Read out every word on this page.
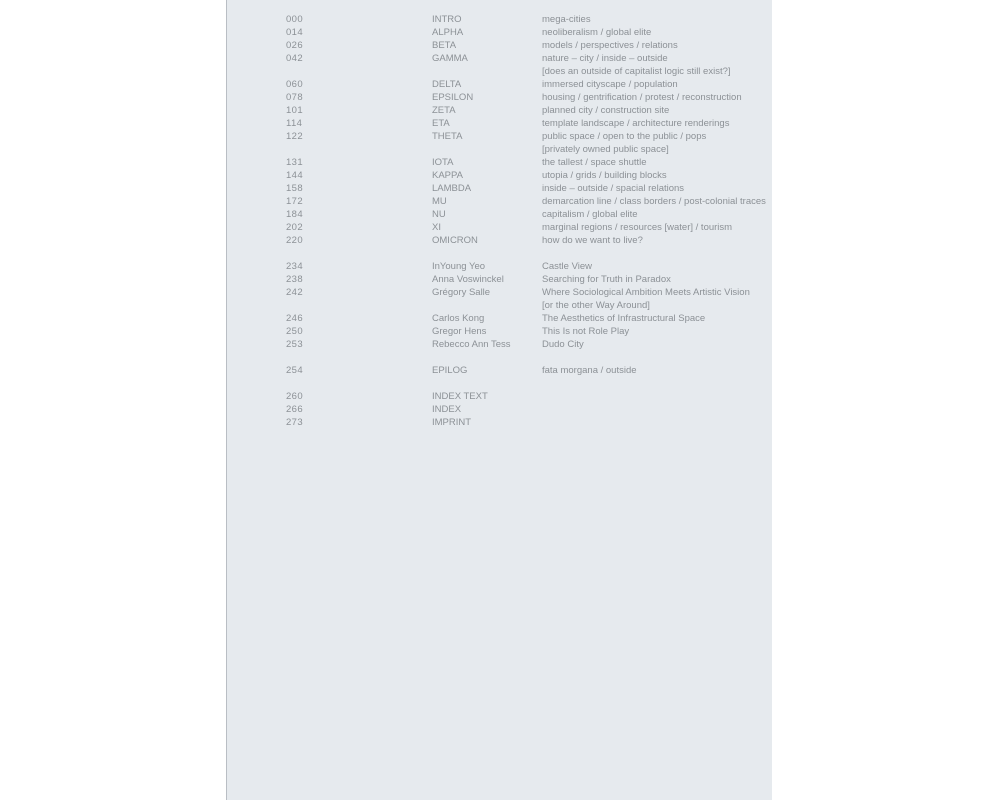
000	INTRO	mega-cities
014	ALPHA	neoliberalism / global elite
026	BETA	models / perspectives / relations
042	GAMMA	nature – city / inside – outside
[does an outside of capitalist logic still exist?]
060	DELTA	immersed cityscape / population
078	EPSILON	housing / gentrification / protest / reconstruction
101	ZETA	planned city / construction site
114	ETA	template landscape / architecture renderings
122	THETA	public space / open to the public / pops
[privately owned public space]
131	IOTA	the tallest / space shuttle
144	KAPPA	utopia / grids / building blocks
158	LAMBDA	inside – outside / spacial relations
172	MU	demarcation line / class borders / post-colonial traces
184	NU	capitalism / global elite
202	XI	marginal regions / resources [water] / tourism
220	OMICRON	how do we want to live?
234	InYoung Yeo	Castle View
238	Anna Voswinckel	Searching for Truth in Paradox
242	Grégory Salle	Where Sociological Ambition Meets Artistic Vision
[or the other Way Around]
246	Carlos Kong	The Aesthetics of Infrastructural Space
250	Gregor Hens	This Is not Role Play
253	Rebecco Ann Tess	Dudo City
254	EPILOG	fata morgana / outside
260	INDEX TEXT
266	INDEX
273	IMPRINT
